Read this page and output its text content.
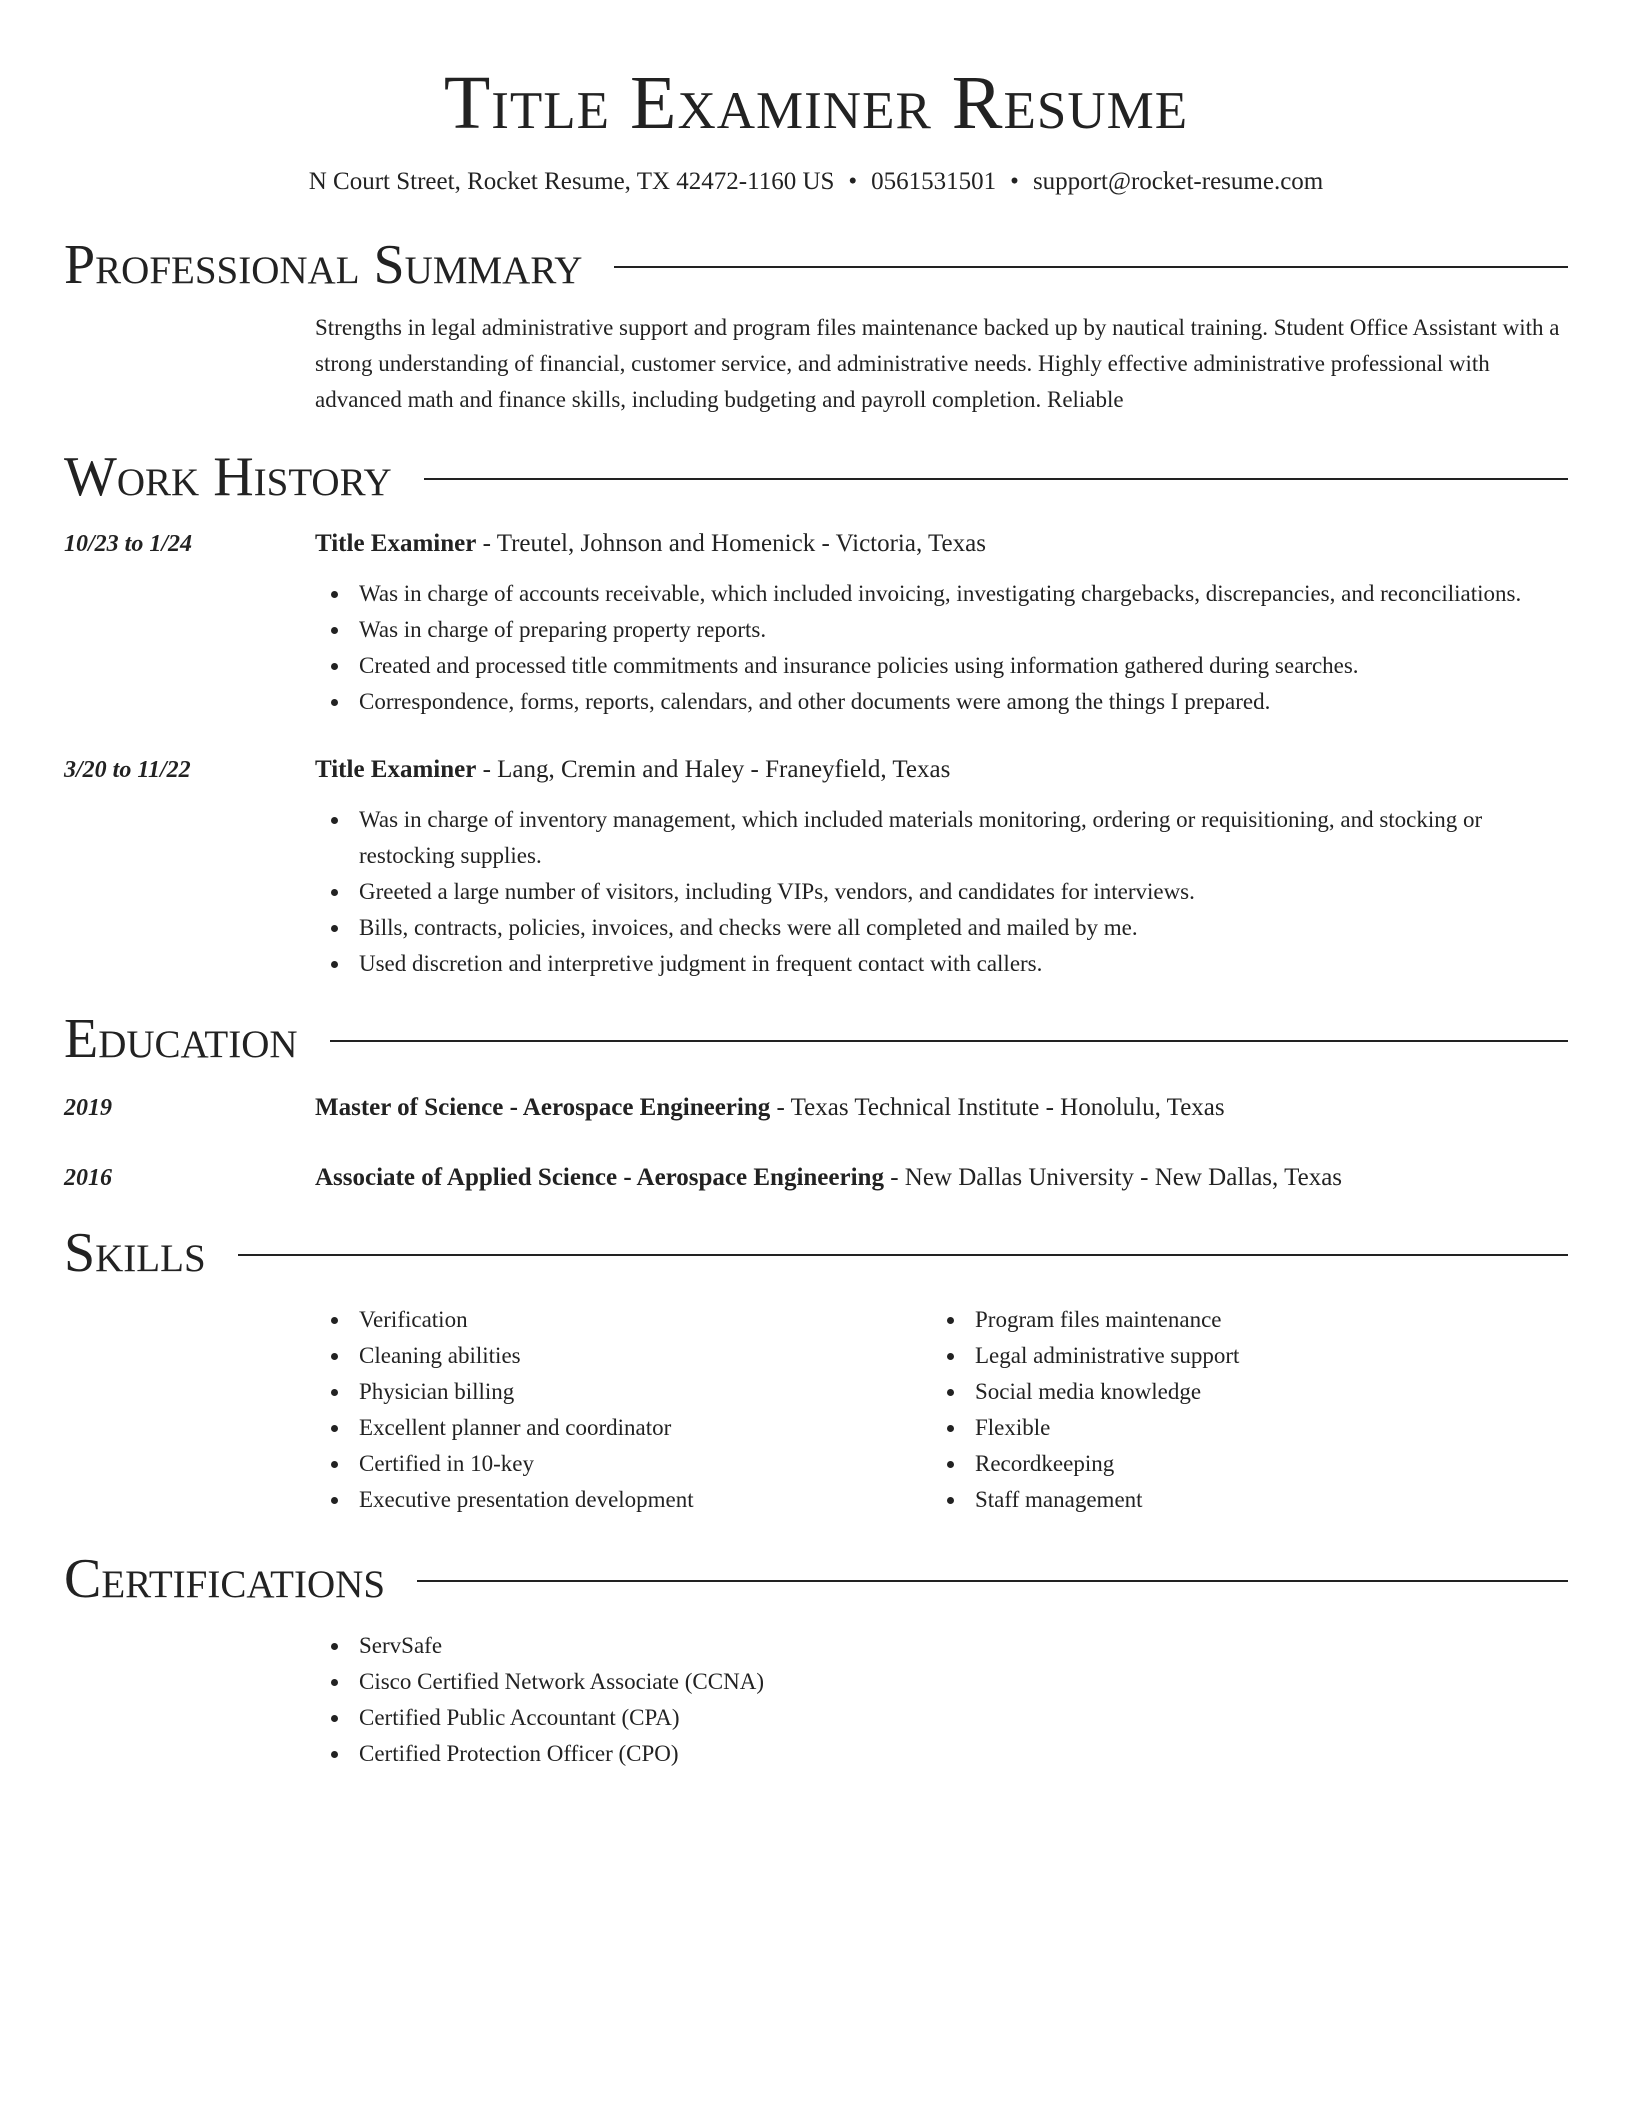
Title Examiner Resume
N Court Street, Rocket Resume, TX 42472-1160 US • 0561531501 • support@rocket-resume.com
Professional Summary

Strengths in legal administrative support and program files maintenance backed up by nautical training. Student Office Assistant with a strong understanding of financial, customer service, and administrative needs. Highly effective administrative professional with advanced math and finance skills, including budgeting and payroll completion. Reliable

Work History
10/23 to 1/24	Title Examiner - Treutel, Johnson and Homenick - Victoria, Texas
Was in charge of accounts receivable, which included invoicing, investigating chargebacks, discrepancies, and reconciliations.
Was in charge of preparing property reports.
Created and processed title commitments and insurance policies using information gathered during searches.
Correspondence, forms, reports, calendars, and other documents were among the things I prepared.
3/20 to 11/22	Title Examiner - Lang, Cremin and Haley - Franeyfield, Texas
Was in charge of inventory management, which included materials monitoring, ordering or requisitioning, and stocking or restocking supplies.
Greeted a large number of visitors, including VIPs, vendors, and candidates for interviews.
Bills, contracts, policies, invoices, and checks were all completed and mailed by me.
Used discretion and interpretive judgment in frequent contact with callers.
Education
2019	Master of Science - Aerospace Engineering - Texas Technical Institute - Honolulu, Texas
2016	Associate of Applied Science - Aerospace Engineering - New Dallas University - New Dallas, Texas
Skills
Verification
Cleaning abilities
Physician billing
Excellent planner and coordinator
Certified in 10-key
Executive presentation development
Program files maintenance
Legal administrative support
Social media knowledge
Flexible
Recordkeeping
Staff management
Certifications
ServSafe
Cisco Certified Network Associate (CCNA)
Certified Public Accountant (CPA)
Certified Protection Officer (CPO)
